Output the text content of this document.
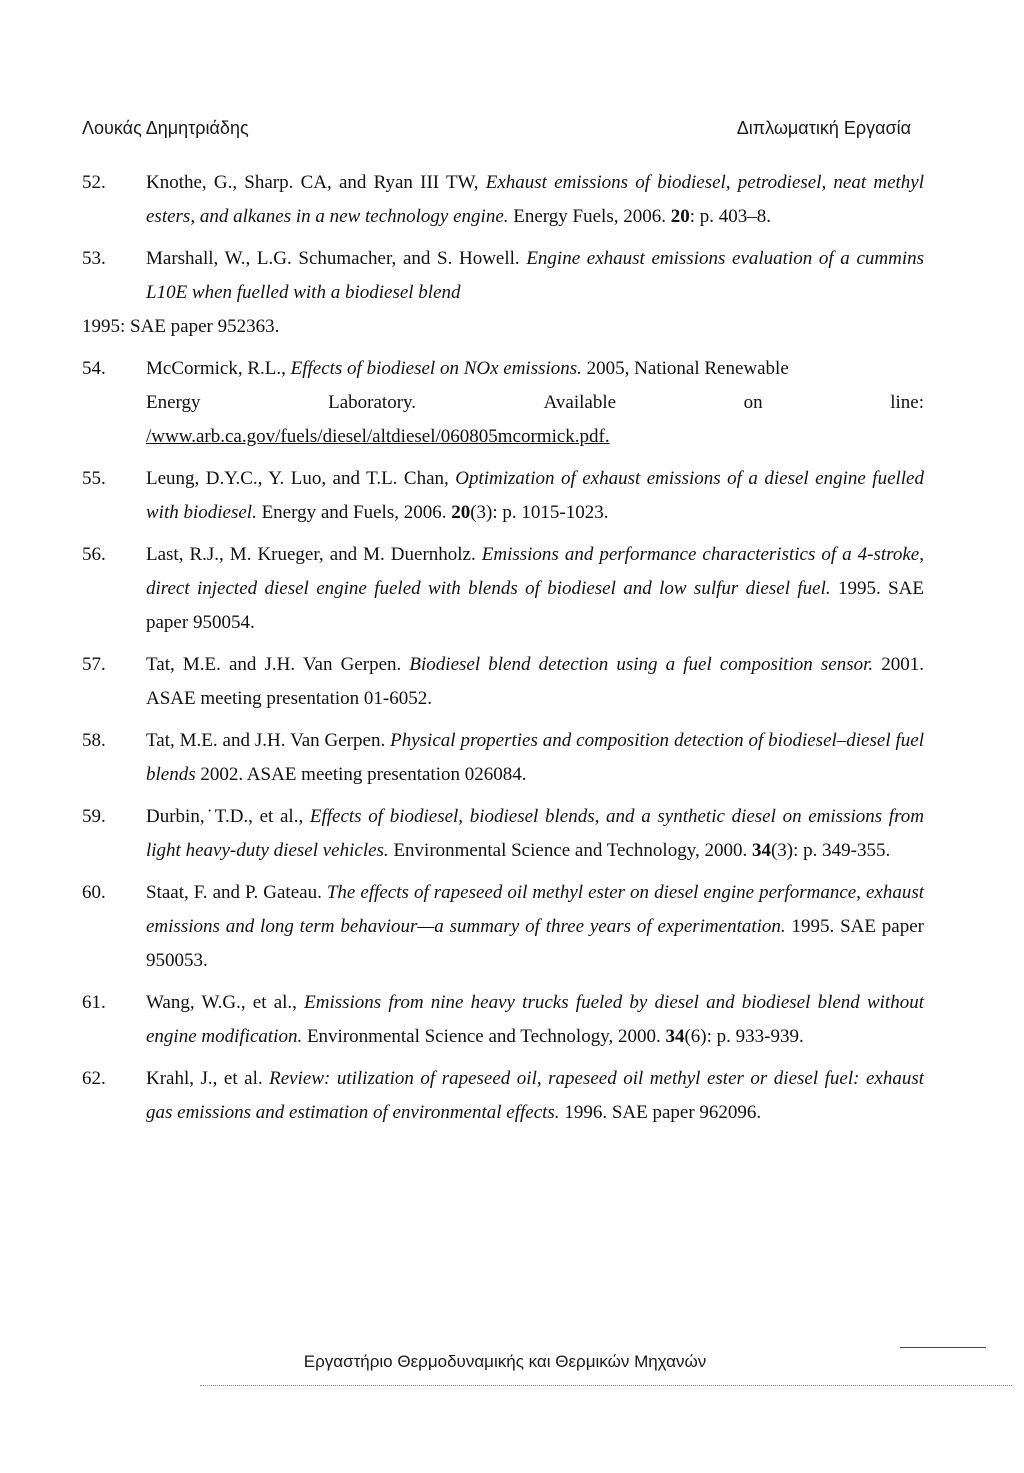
Λουκάς Δημητριάδης	Διπλωματική Εργασία
52.	Knothe, G., Sharp. CA, and Ryan III TW, Exhaust emissions of biodiesel, petrodiesel, neat methyl esters, and alkanes in a new technology engine. Energy Fuels, 2006. 20: p. 403–8.
53.	Marshall, W., L.G. Schumacher, and S. Howell. Engine exhaust emissions evaluation of a cummins L10E when fuelled with a biodiesel blend
1995: SAE paper 952363.
54.	McCormick, R.L., Effects of biodiesel on NOx emissions. 2005, National Renewable
Energy	Laboratory.	Available	on	line:
/www.arb.ca.gov/fuels/diesel/altdiesel/060805mcormick.pdf.
55.	Leung, D.Y.C., Y. Luo, and T.L. Chan, Optimization of exhaust emissions of a diesel engine fuelled with biodiesel. Energy and Fuels, 2006. 20(3): p. 1015-1023.
56.	Last, R.J., M. Krueger, and M. Duernholz. Emissions and performance characteristics of a 4-stroke, direct injected diesel engine fueled with blends of biodiesel and low sulfur diesel fuel. 1995. SAE paper 950054.
57.	Tat, M.E. and J.H. Van Gerpen. Biodiesel blend detection using a fuel composition sensor. 2001. ASAE meeting presentation 01-6052.
58.	Tat, M.E. and J.H. Van Gerpen. Physical properties and composition detection of biodiesel–diesel fuel blends 2002. ASAE meeting presentation 026084.
59.	Durbin,˙T.D., et al., Effects of biodiesel, biodiesel blends, and a synthetic diesel on emissions from light heavy-duty diesel vehicles. Environmental Science and Technology, 2000. 34(3): p. 349-355.
60.	Staat, F. and P. Gateau. The effects of rapeseed oil methyl ester on diesel engine performance, exhaust emissions and long term behaviour—a summary of three years of experimentation. 1995. SAE paper 950053.
61.	Wang, W.G., et al., Emissions from nine heavy trucks fueled by diesel and biodiesel blend without engine modification. Environmental Science and Technology, 2000. 34(6): p. 933-939.
62.	Krahl, J., et al. Review: utilization of rapeseed oil, rapeseed oil methyl ester or diesel fuel: exhaust gas emissions and estimation of environmental effects. 1996. SAE paper 962096.
Εργαστήριο Θερμοδυναμικής και Θερμικών Μηχανών
